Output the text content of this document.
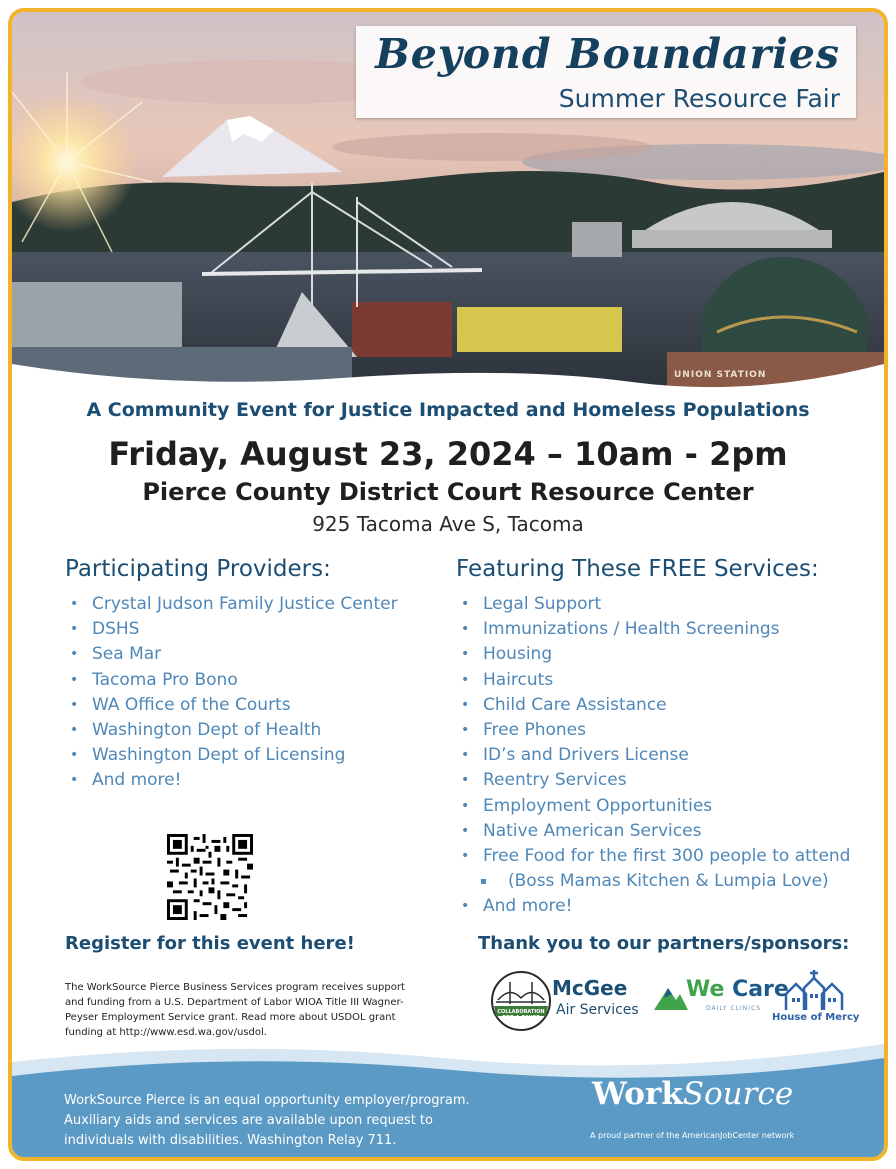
Beyond Boundaries
Summer Resource Fair
UNION STATION
A Community Event for Justice Impacted and Homeless Populations
Friday, August 23, 2024 – 10am - 2pm
Pierce County District Court Resource Center
925 Tacoma Ave S, Tacoma
Participating Providers:
• Crystal Judson Family Justice Center
• DSHS
• Sea Mar
• Tacoma Pro Bono
• WA Office of the Courts
• Washington Dept of Health
• Washington Dept of Licensing
• And more!
Featuring These FREE Services:
• Legal Support
• Immunizations / Health Screenings
• Housing
• Haircuts
• Child Care Assistance
• Free Phones
• ID’s and Drivers License
• Reentry Services
• Employment Opportunities
• Native American Services
• Free Food for the first 300 people to attend
▪ (Boss Mamas Kitchen & Lumpia Love)
• And more!
Register for this event here!	Thank you to our partners/sponsors:
The WorkSource Pierce Business Services program receives support and funding from a U.S. Department of Labor WIOA Title III Wagner-Peyser Employment Service grant. Read more about USDOL grant funding at http://www.esd.wa.gov/usdol.
COLLABORATION FOR A CAUSE
McGee
Air Services
We Care
DAILY CLINICS
House of Mercy
WorkSource Pierce is an equal opportunity employer/program. Auxiliary aids and services are available upon request to individuals with disabilities. Washington Relay 711.
WorkSource
A proud partner of the AmericanJobCenter network
